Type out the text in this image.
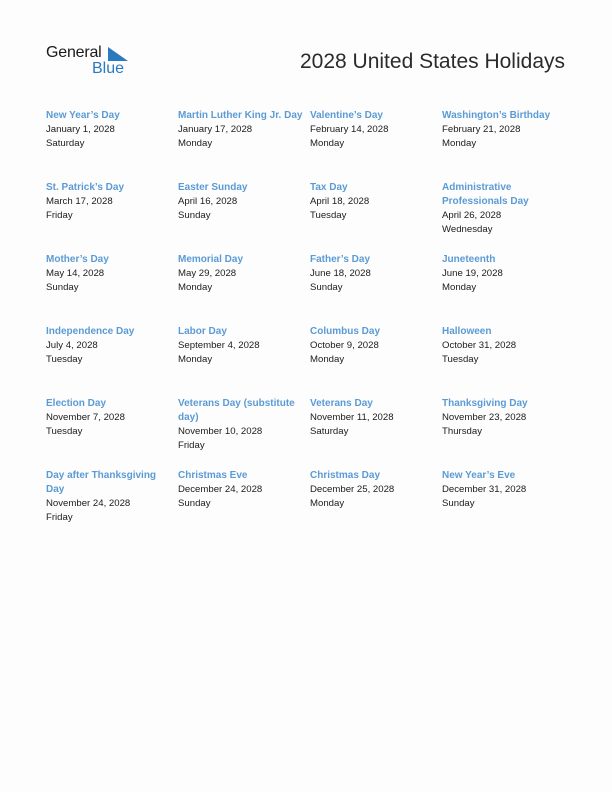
General
Blue	2028 United States Holidays
New Year’s Day
January 1, 2028
Saturday
Martin Luther King Jr. Day
January 17, 2028
Monday
Valentine’s Day
February 14, 2028
Monday
Washington’s Birthday
February 21, 2028
Monday
St. Patrick’s Day
March 17, 2028
Friday
Easter Sunday
April 16, 2028
Sunday
Tax Day
April 18, 2028
Tuesday
Administrative Professionals Day
April 26, 2028
Wednesday
Mother’s Day
May 14, 2028
Sunday
Memorial Day
May 29, 2028
Monday
Father’s Day
June 18, 2028
Sunday
Juneteenth
June 19, 2028
Monday
Independence Day
July 4, 2028
Tuesday
Labor Day
September 4, 2028
Monday
Columbus Day
October 9, 2028
Monday
Halloween
October 31, 2028
Tuesday
Election Day
November 7, 2028
Tuesday
Veterans Day (substitute day)
November 10, 2028
Friday
Veterans Day
November 11, 2028
Saturday
Thanksgiving Day
November 23, 2028
Thursday
Day after Thanksgiving Day
November 24, 2028
Friday
Christmas Eve
December 24, 2028
Sunday
Christmas Day
December 25, 2028
Monday
New Year’s Eve
December 31, 2028
Sunday
